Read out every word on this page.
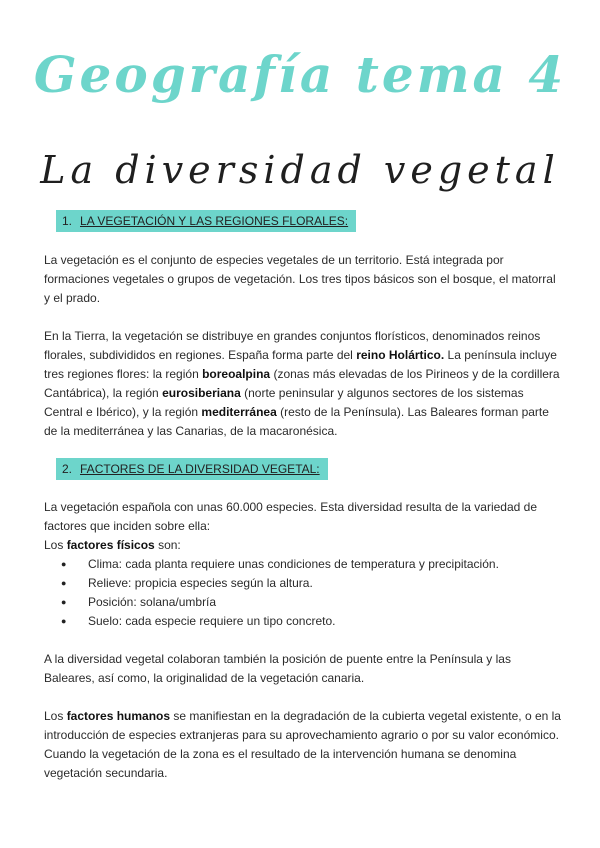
Geografía tema 4
La diversidad vegetal
1. LA VEGETACIÓN Y LAS REGIONES FLORALES:

La vegetación es el conjunto de especies vegetales de un territorio. Está integrada por formaciones vegetales o grupos de vegetación. Los tres tipos básicos son el bosque, el matorral y el prado.

En la Tierra, la vegetación se distribuye en grandes conjuntos florísticos, denominados reinos florales, subdivididos en regiones. España forma parte del reino Holártico. La península incluye tres regiones flores: la región boreoalpina (zonas más elevadas de los Pirineos y de la cordillera Cantábrica), la región eurosiberiana (norte peninsular y algunos sectores de los sistemas Central e Ibérico), y la región mediterránea (resto de la Península). Las Baleares forman parte de la mediterránea y las Canarias, de la macaronésica.

2. FACTORES DE LA DIVERSIDAD VEGETAL:

La vegetación española con unas 60.000 especies. Esta diversidad resulta de la variedad de factores que inciden sobre ella:

Los factores físicos son:

● Clima: cada planta requiere unas condiciones de temperatura y precipitación.
● Relieve: propicia especies según la altura.
● Posición: solana/umbría
● Suelo: cada especie requiere un tipo concreto.

A la diversidad vegetal colaboran también la posición de puente entre la Península y las Baleares, así como, la originalidad de la vegetación canaria.

Los factores humanos se manifiestan en la degradación de la cubierta vegetal existente, o en la introducción de especies extranjeras para su aprovechamiento agrario o por su valor económico. Cuando la vegetación de la zona es el resultado de la intervención humana se denomina vegetación secundaria.
